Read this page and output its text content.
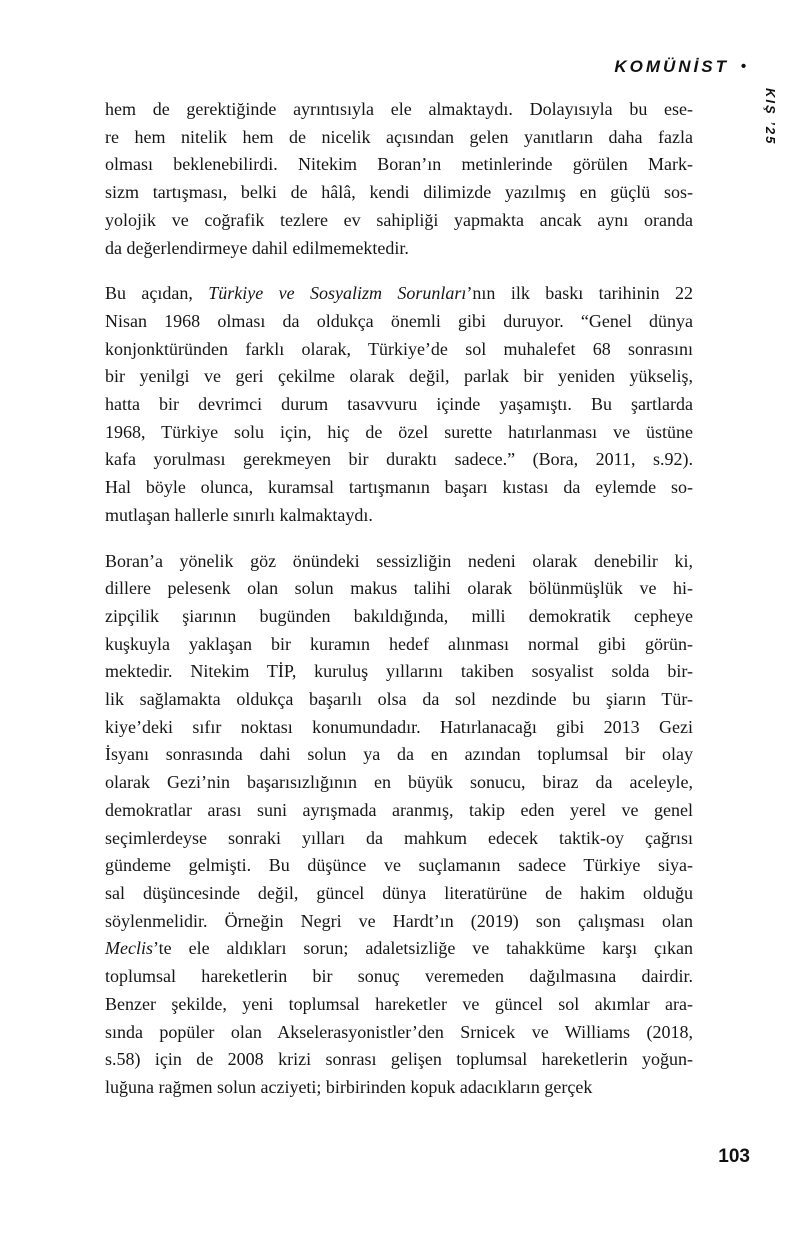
KOMÜNİST •
KIŞ ’25
hem de gerektiğinde ayrıntısıyla ele almaktaydı. Dolayısıyla bu ese-
re hem nitelik hem de nicelik açısından gelen yanıtların daha fazla
olması beklenebilirdi. Nitekim Boran’ın metinlerinde görülen Mark-
sizm tartışması, belki de hâlâ, kendi dilimizde yazılmış en güçlü sos-
yolojik ve coğrafik tezlere ev sahipliği yapmakta ancak aynı oranda
da değerlendirmeye dahil edilmemektedir.
Bu açıdan, Türkiye ve Sosyalizm Sorunları’nın ilk baskı tarihinin 22
Nisan 1968 olması da oldukça önemli gibi duruyor. “Genel dünya
konjonktüründen farklı olarak, Türkiye’de sol muhalefet 68 sonrasını
bir yenilgi ve geri çekilme olarak değil, parlak bir yeniden yükseliş,
hatta bir devrimci durum tasavvuru içinde yaşamıştı. Bu şartlarda
1968, Türkiye solu için, hiç de özel surette hatırlanması ve üstüne
kafa yorulması gerekmeyen bir duraktı sadece.” (Bora, 2011, s.92).
Hal böyle olunca, kuramsal tartışmanın başarı kıstası da eylemde so-
mutlaşan hallerle sınırlı kalmaktaydı.
Boran’a yönelik göz önündeki sessizliğin nedeni olarak denebilir ki,
dillere pelesenk olan solun makus talihi olarak bölünmüşlük ve hi-
zipçilik şiarının bugünden bakıldığında, milli demokratik cepheye
kuşkuyla yaklaşan bir kuramın hedef alınması normal gibi görün-
mektedir. Nitekim TİP, kuruluş yıllarını takiben sosyalist solda bir-
lik sağlamakta oldukça başarılı olsa da sol nezdinde bu şiarın Tür-
kiye’deki sıfır noktası konumundadır. Hatırlanacağı gibi 2013 Gezi
İsyanı sonrasında dahi solun ya da en azından toplumsal bir olay
olarak Gezi’nin başarısızlığının en büyük sonucu, biraz da aceleyle,
demokratlar arası suni ayrışmada aranmış, takip eden yerel ve genel
seçimlerdeyse sonraki yılları da mahkum edecek taktik-oy çağrısı
gündeme gelmişti. Bu düşünce ve suçlamanın sadece Türkiye siya-
sal düşüncesinde değil, güncel dünya literatürüne de hakim olduğu
söylenmelidir. Örneğin Negri ve Hardt’ın (2019) son çalışması olan
Meclis’te ele aldıkları sorun; adaletsizliğe ve tahakküme karşı çıkan
toplumsal hareketlerin bir sonuç veremeden dağılmasına dairdir.
Benzer şekilde, yeni toplumsal hareketler ve güncel sol akımlar ara-
sında popüler olan Akselerasyonistler’den Srnicek ve Williams (2018,
s.58) için de 2008 krizi sonrası gelişen toplumsal hareketlerin yoğun-
luğuna rağmen solun acziyeti; birbirinden kopuk adacıkların gerçek
103
